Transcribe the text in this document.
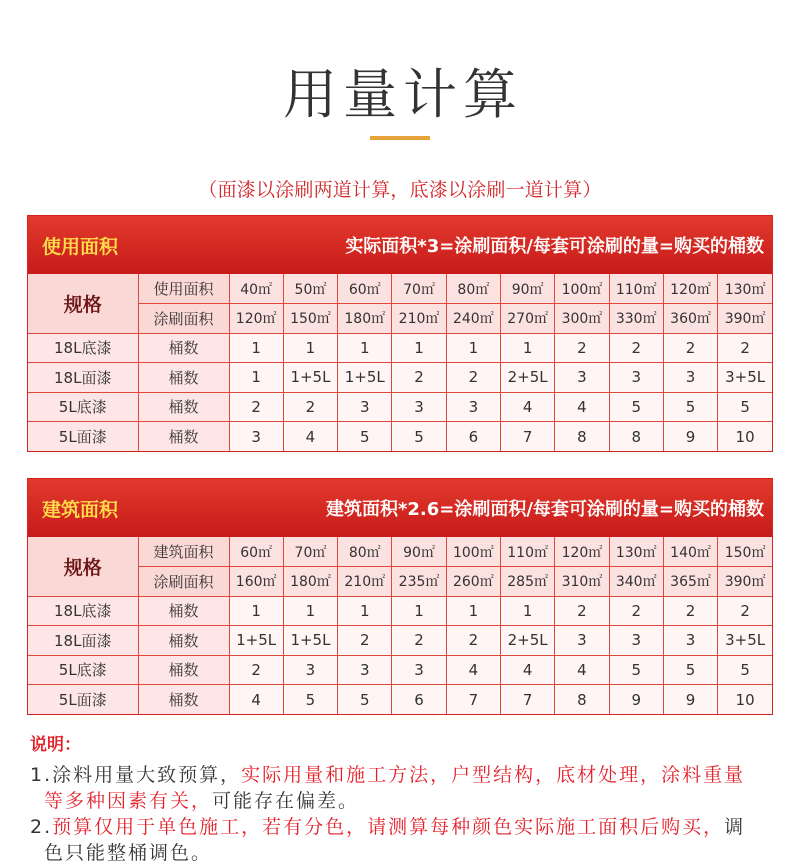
用量计算
（面漆以涂刷两道计算，底漆以涂刷一道计算）
使用面积	实际面积*3=涂刷面积/每套可涂刷的量=购买的桶数
规格	使用面积	40㎡	50㎡	60㎡	70㎡	80㎡	90㎡	100㎡	110㎡	120㎡	130㎡
	涂刷面积	120㎡	150㎡	180㎡	210㎡	240㎡	270㎡	300㎡	330㎡	360㎡	390㎡
18L底漆	桶数	1	1	1	1	1	1	2	2	2	2
18L面漆	桶数	1	1+5L	1+5L	2	2	2+5L	3	3	3	3+5L
5L底漆	桶数	2	2	3	3	3	4	4	5	5	5
5L面漆	桶数	3	4	5	5	6	7	8	8	9	10
建筑面积	建筑面积*2.6=涂刷面积/每套可涂刷的量=购买的桶数
规格	建筑面积	60㎡	70㎡	80㎡	90㎡	100㎡	110㎡	120㎡	130㎡	140㎡	150㎡
	涂刷面积	160㎡	180㎡	210㎡	235㎡	260㎡	285㎡	310㎡	340㎡	365㎡	390㎡
18L底漆	桶数	1	1	1	1	1	1	2	2	2	2
18L面漆	桶数	1+5L	1+5L	2	2	2	2+5L	3	3	3	3+5L
5L底漆	桶数	2	3	3	3	4	4	4	5	5	5
5L面漆	桶数	4	5	5	6	7	7	8	9	9	10
说明：
1.涂料用量大致预算，实际用量和施工方法，户型结构，底材处理，涂料重量
等多种因素有关，可能存在偏差。
2.预算仅用于单色施工，若有分色，请测算每种颜色实际施工面积后购买，调
色只能整桶调色。
